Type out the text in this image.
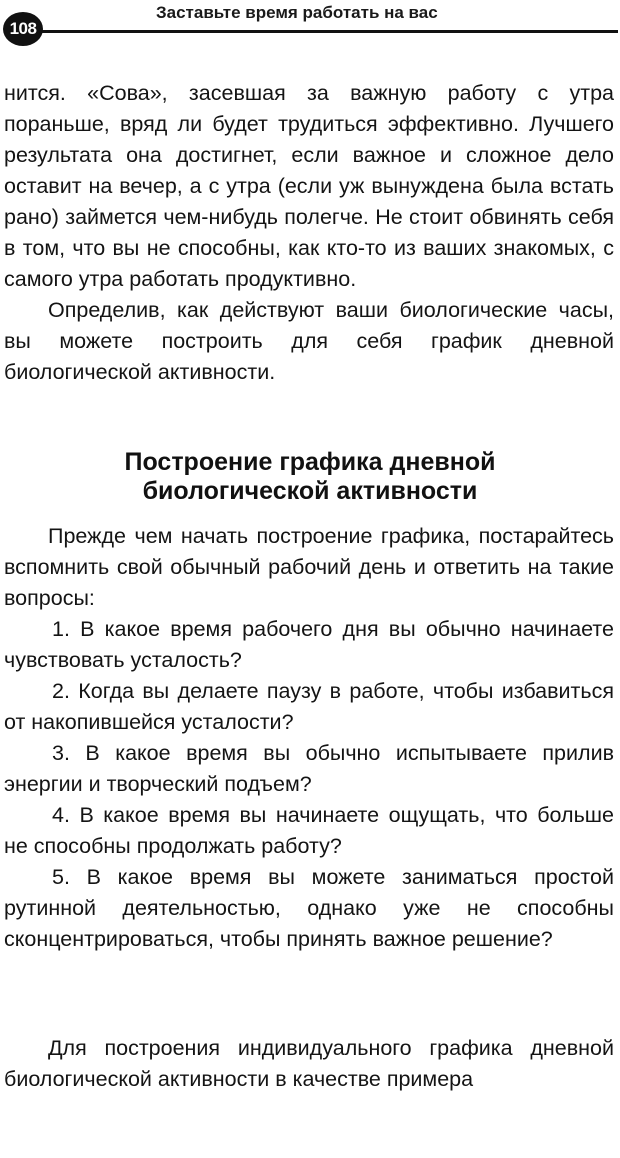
108
Заставьте время работать на вас

нится. «Сова», засевшая за важную работу с утра пораньше, вряд ли будет трудиться эффективно. Лучшего результата она достигнет, если важное и сложное дело оставит на вечер, а с утра (если уж вынуждена была встать рано) займется чем-нибудь полегче. Не стоит обвинять себя в том, что вы не способны, как кто-то из ваших знакомых, с самого утра работать продуктивно.

Определив, как действуют ваши биологические часы, вы можете построить для себя график дневной биологической активности.

Построение графика дневной
биологической активности

Прежде чем начать построение графика, постарайтесь вспомнить свой обычный рабочий день и ответить на такие вопросы:

1. В какое время рабочего дня вы обычно начинаете чувствовать усталость?

2. Когда вы делаете паузу в работе, чтобы избавиться от накопившейся усталости?

3. В какое время вы обычно испытываете прилив энергии и творческий подъем?

4. В какое время вы начинаете ощущать, что больше не способны продолжать работу?

5. В какое время вы можете заниматься простой рутинной деятельностью, однако уже не способны сконцентрироваться, чтобы принять важное решение?

Для построения индивидуального графика дневной биологической активности в качестве примера
